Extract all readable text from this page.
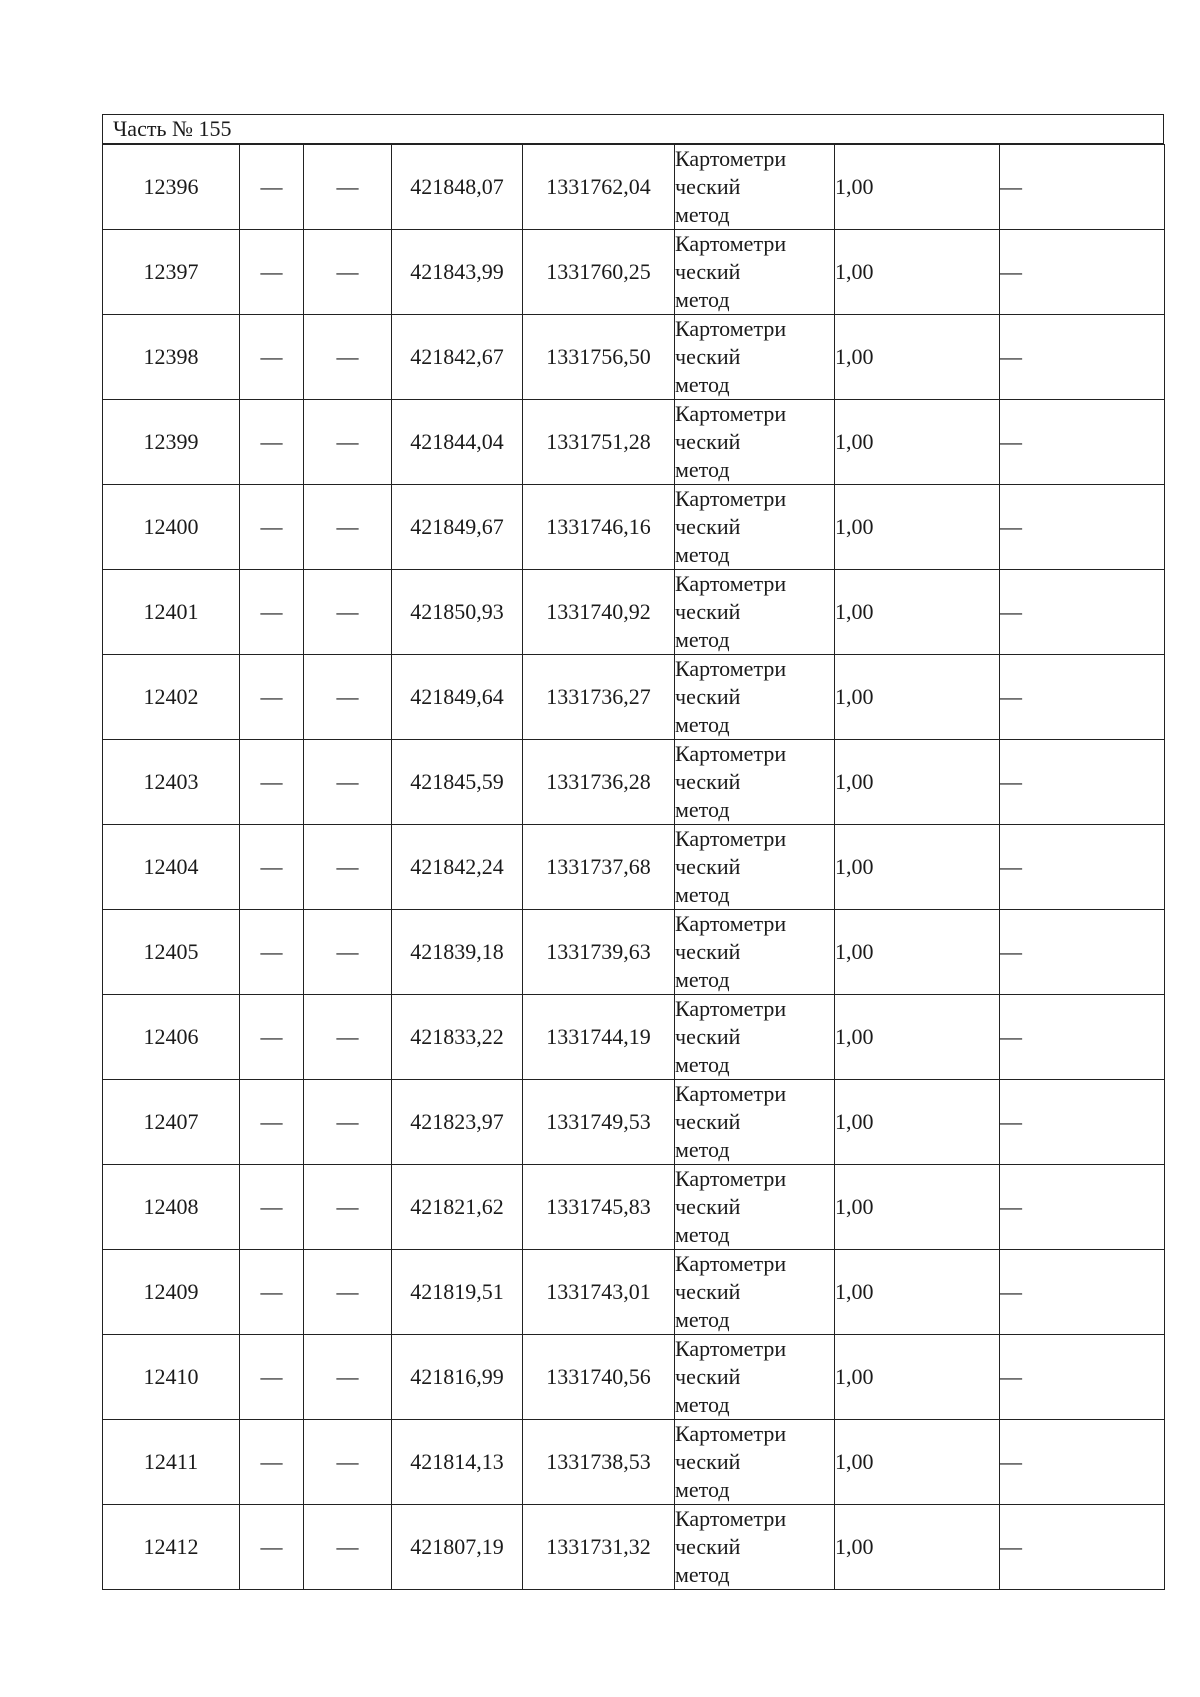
Часть № 155
12396	—	—	421848,07	1331762,04	Картометри
ческий
метод	1,00	—
12397	—	—	421843,99	1331760,25	Картометри
ческий
метод	1,00	—
12398	—	—	421842,67	1331756,50	Картометри
ческий
метод	1,00	—
12399	—	—	421844,04	1331751,28	Картометри
ческий
метод	1,00	—
12400	—	—	421849,67	1331746,16	Картометри
ческий
метод	1,00	—
12401	—	—	421850,93	1331740,92	Картометри
ческий
метод	1,00	—
12402	—	—	421849,64	1331736,27	Картометри
ческий
метод	1,00	—
12403	—	—	421845,59	1331736,28	Картометри
ческий
метод	1,00	—
12404	—	—	421842,24	1331737,68	Картометри
ческий
метод	1,00	—
12405	—	—	421839,18	1331739,63	Картометри
ческий
метод	1,00	—
12406	—	—	421833,22	1331744,19	Картометри
ческий
метод	1,00	—
12407	—	—	421823,97	1331749,53	Картометри
ческий
метод	1,00	—
12408	—	—	421821,62	1331745,83	Картометри
ческий
метод	1,00	—
12409	—	—	421819,51	1331743,01	Картометри
ческий
метод	1,00	—
12410	—	—	421816,99	1331740,56	Картометри
ческий
метод	1,00	—
12411	—	—	421814,13	1331738,53	Картометри
ческий
метод	1,00	—
12412	—	—	421807,19	1331731,32	Картометри
ческий
метод	1,00	—
